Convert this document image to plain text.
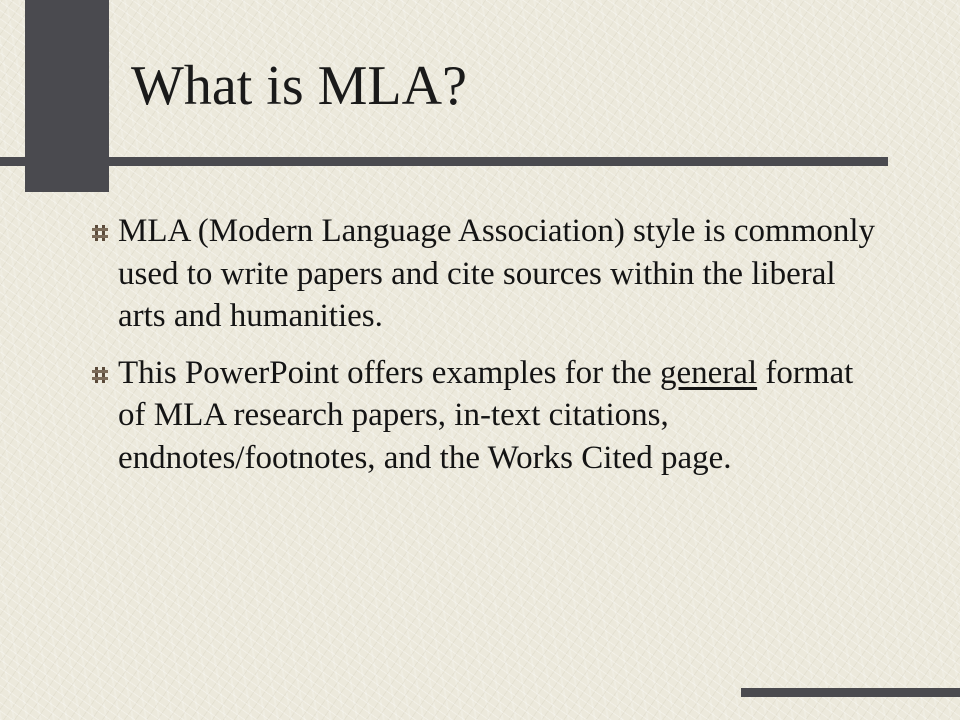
What is MLA?

MLA (Modern Language Association) style is commonly used to write papers and cite sources within the liberal arts and humanities.

This PowerPoint offers examples for the general format of MLA research papers, in-text citations, endnotes/footnotes, and the Works Cited page.
